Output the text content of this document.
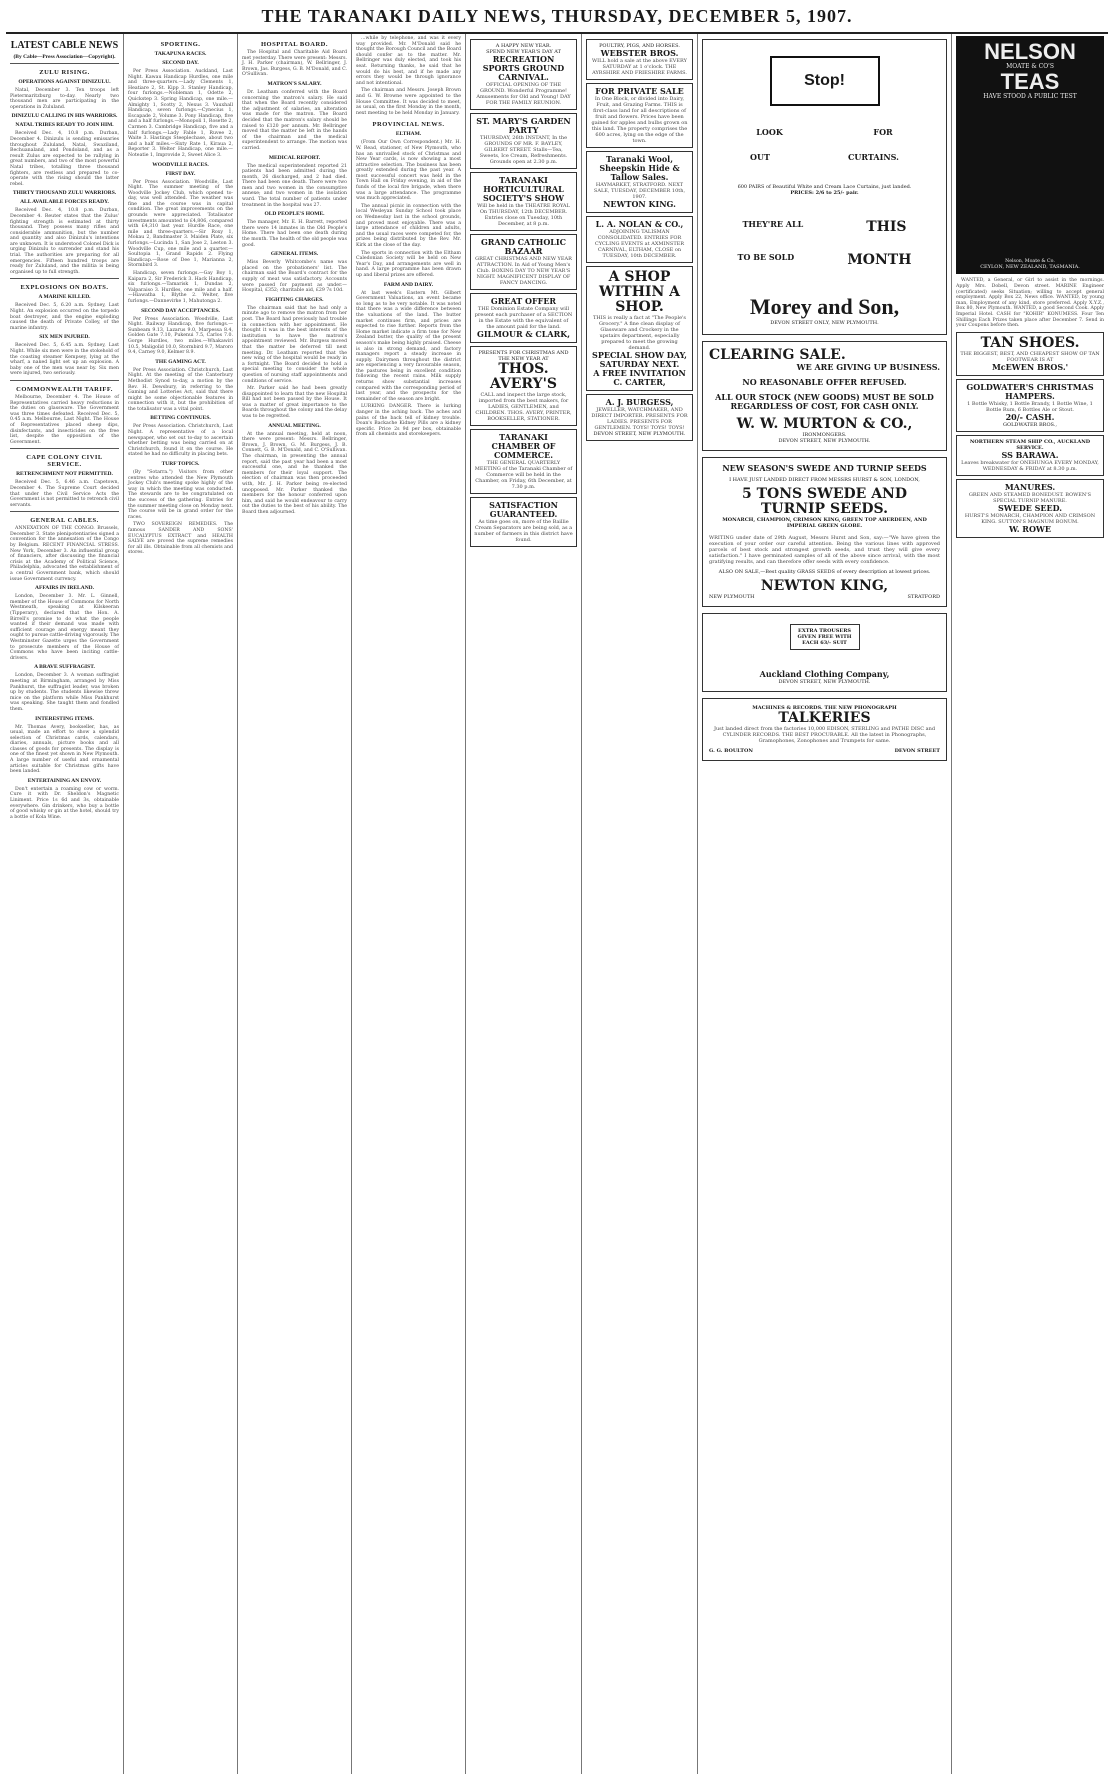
THE TARANAKI DAILY NEWS, THURSDAY, DECEMBER 5, 1907.
LATEST CABLE NEWS
(By Cable—Press Association—Copyright).
ZULU RISING.
OPERATIONS AGAINST DINIZULU.

Natal, December 3. Ten troops left Pietermaritzburg to-day. Nearly two thousand men are participating in the operations in Zululand.

DINIZULU CALLING IN HIS WARRIORS.
NATAL TRIBES READY TO JOIN HIM.

Received Dec. 4, 10.8 p.m. Durban, December 4. Dinizulu is sending emissaries throughout Zululand, Natal, Swaziland, Bechuanaland, and Pondoland, and as a result Zulus are expected to be rallying in great numbers, and two of the most powerful Natal tribes, totalling three thousand fighters, are restless and prepared to co-operate with the rising should the latter rebel.

THIRTY THOUSAND ZULU WARRIORS.
ALL AVAILABLE FORCES READY.

Received Dec. 4, 10.8 p.m. Durban, December 4. Reuter states that the Zulus' fighting strength is estimated at thirty thousand. They possess many rifles and considerable ammunition, but the number and quantity and also Dinizulu's intentions are unknown. It is understood Colonel Dick is urging Dinizulu to surrender and stand his trial. The authorities are preparing for all emergencies. Fifteen hundred troops are ready for Zululand, and the militia is being organised up to full strength.

EXPLOSIONS ON BOATS.
A MARINE KILLED.

Received Dec. 5, 6.20 a.m. Sydney, Last Night. An explosion occurred on the torpedo boat destroyer, and the engine exploding caused the death of Private Colley, of the marine infantry.

SIX MEN INJURED.

Received Dec. 5, 6.45 a.m. Sydney, Last Night. While six men were in the stokehold of the coasting steamer Kempsey, lying at the wharf, a naked light set up an explosion. A baby one of the men was near by. Six men were injured, two seriously.

COMMONWEALTH TARIFF.

Melbourne, December 4. The House of Representatives carried heavy reductions in the duties on glassware. The Government was three times defeated. Received Dec. 5, 0.45 a.m. Melbourne, Last Night. The House of Representatives placed sheep dips, disinfectants, and insecticides on the free list, despite the opposition of the Government.

CAPE COLONY CIVIL SERVICE.
RETRENCHMENT NOT PERMITTED.

Received Dec. 5, 6.46 a.m. Capetown, December 4. The Supreme Court decided that under the Civil Service Acts the Government is not permitted to retrench civil servants.

GENERAL CABLES.

ANNEXATION OF THE CONGO. Brussels, December 3. State plenipotentiaries signed a convention for the annexation of the Congo by Belgium. RECENT FINANCIAL STRESS. New York, December 3. An influential group of financiers, after discussing the financial crisis at the Academy of Political Science, Philadelphia, advocated the establishment of a central Government bank, which should issue Government currency.

AFFAIRS IN IRELAND.

London, December 3. Mr. L. Ginnell, member of the House of Commons for North Westmeath, speaking at Kilskeeran (Tipperary), declared that the Hon. A. Birrell's promise to do what the people wanted if their demand was made with sufficient courage and energy meant they ought to pursue cattle-driving vigorously. The Westminster Gazette urges the Government to prosecute members of the House of Commons who have been inciting cattle-drivers.

A BRAVE SUFFRAGIST.

London, December 3. A woman suffragist meeting at Birmingham, arranged by Miss Pankhurst, the suffragist leader, was broken up by students. The students likewise threw mice on the platform while Miss Pankhurst was speaking. She taught them and fondled them.

INTERESTING ITEMS.

Mr. Thomas Avery, bookseller, has, as usual, made an effort to show a splendid selection of Christmas cards, calendars, diaries, annuals, picture books and all classes of goods for presents. The display is one of the finest yet shown in New Plymouth. A large number of useful and ornamental articles suitable for Christmas gifts have been landed.

ENTERTAINING AN ENVOY.

Don't entertain a roaming cow or worm. Cure it with Dr. Sheldon's Magnetic Liniment. Price 1s 6d and 3s, obtainable everywhere. Gin drinkers, who buy a bottle of good whisky or gin at the hotel, should try a bottle of Kola Wine.

SPORTING.
TAKAPUNA RACES.
SECOND DAY.

Per Press Association. Auckland, Last Night. Kawau Handicap Hurdles, one mile and three-quarters.—Lady Clements 1, Heatiare 2, St. Kipp 3. Stanley Handicap, four furlongs.—Nobleman 1, Odette 2, Quickstep 3. Spring Handicap, one mile.—Almighty 1, Scotty 2, Nexus 3. Vauxhall Handicap, seven furlongs.—Cynecius 1, Escapade 2, Volume 3. Pony Handicap, five and a half furlongs.—Monopoli 1, Rosette 2, Carmen 3. Cambridge Handicap, five and a half furlongs.—Lady Fable 1, Ruvee 2, Waite 3. Hastings Steeplechase, about two and a half miles.—Sixty Rate 1, Kiraua 2, Reporter 3. Welter Handicap, one mile.—Noteatie 1, Improvide 2, Sweet Alice 3.

WOODVILLE RACES.
FIRST DAY.

Per Press Association. Woodville, Last Night. The summer meeting of the Woodville Jockey Club, which opened to-day, was well attended. The weather was fine and the course was in capital condition. The great improvements on the grounds were appreciated. Totalisator investments amounted to £4,806, compared with £4,310 last year. Hurdle Race, one mile and three-quarters.—Sir Roxy 1, Mokau 2, Bandmaster 3. Maiden Plate, six furlongs.—Lucinda 1, San Jose 2, Leeton 3. Woodville Cup, one mile and a quarter.—Soultopia 1, Grand Rapids 2. Flying Handicap.—Rose of Dee 1, Marianna 2, Stormbird 3.

Handicap, seven furlongs.—Gay Boy 1, Kaipara 2, Sir Frederick 3. Hack Handicap, six furlongs.—Tamarisk 1, Dundas 2, Valparaiso 3. Hurdles, one mile and a half.—Hiawatha 1, Blythe 2. Welter, five furlongs.—Dannevirke 1, Mahutonga 2.

SECOND DAY ACCEPTANCES.

Per Press Association. Woodville, Last Night. Railway Handicap, five furlongs.—Sunbeam 9.13, Lazarus 9.0, Marpessa 8.4, Golden Gate 7.10, Pukenui 7.5, Carlos 7.0. Gorge Hurdles, two miles.—Whakawiri 10.5, Maligolid 10.0, Stormbird 9.7, Maroro 9.4, Carney 9.0, Kelmer 8.9.

THE GAMING ACT.

Per Press Association. Christchurch, Last Night. At the meeting of the Canterbury Methodist Synod to-day, a motion by the Rev. H. Dewsbury, in referring to the Gaming and Lotteries Act, said that there might be some objectionable features in connection with it, but the prohibition of the totalisator was a vital point.

BETTING CONTINUES.

Per Press Association. Christchurch, Last Night. A representative of a local newspaper, who set out to-day to ascertain whether betting was being carried on at Christchurch, found it on the course. He stated he had no difficulty in placing bets.

TURF TOPICS.

(By "Sotarra.") Visitors from other centres who attended the New Plymouth Jockey Club's meeting spoke highly of the way in which the meeting was conducted. The stewards are to be congratulated on the success of the gathering. Entries for the summer meeting close on Monday next. The course will be in grand order for the races.

TWO SOVEREIGN REMEDIES. The famous SANDER AND SONS' EUCALYPTUS EXTRACT and HEALTH SALVE are proved the supreme remedies for all ills. Obtainable from all chemists and stores.

HOSPITAL BOARD.

The Hospital and Charitable Aid Board met yesterday. There were present: Messrs. J. H. Parker (chairman), W. Bellringer, J. Brown, Jas. Burgess, G. B. M'Donald, and C. O'Sullivan.

MATRON'S SALARY.

Dr. Leatham conferred with the Board concerning the matron's salary. He said that when the Board recently considered the adjustment of salaries, an alteration was made for the matron. The Board decided that the matron's salary should be raised to £120 per annum. Mr. Bellringer moved that the matter be left in the hands of the chairman and the medical superintendent to arrange. The motion was carried.

MEDICAL REPORT.

The medical superintendent reported 21 patients had been admitted during the month, 26 discharged, and 2 had died. There had been one death. There were two men and two women in the consumptive annexe; and two women in the isolation ward. The total number of patients under treatment in the hospital was 27.

OLD PEOPLE'S HOME.

The manager, Mr. E. H. Barrett, reported there were 14 inmates in the Old People's Home. There had been one death during the month. The health of the old people was good.

GENERAL ITEMS.

Miss Beverly Whitcombe's name was placed on the probationers' list. The chairman said the Board's contract for the supply of meat was satisfactory. Accounts were passed for payment as under.—Hospital, £352; charitable aid, £29 7s 10d.

FIGHTING CHARGES.

The chairman said that he had only a minute ago to remove the matron from her post. The Board had previously had trouble in connection with her appointment. He thought it was in the best interests of the institution to have the matron's appointment reviewed. Mr. Burgess moved that the matter be deferred till next meeting. Dr. Leatham reported that the new wing of the hospital would be ready in a fortnight. The Board decided to hold a special meeting to consider the whole question of nursing staff appointments and conditions of service.

Mr. Parker said he had been greatly disappointed to learn that the new Hospital Bill had not been passed by the House. It was a matter of great importance to the Boards throughout the colony and the delay was to be regretted.

ANNUAL MEETING.

At the annual meeting, held at noon, there were present: Messrs. Bellringer, Brown, J. Brown, G. M. Burgess, J. B. Connett, G. B. M'Donald, and C. O'Sullivan. The chairman, in presenting the annual report, said the past year had been a most successful one, and he thanked the members for their loyal support. The election of chairman was then proceeded with, Mr. J. H. Parker being re-elected unopposed. Mr. Parker thanked the members for the honour conferred upon him, and said he would endeavour to carry out the duties to the best of his ability. The Board then adjourned.

...while by telephone, and was it every way provided. Mr. M'Donald said he thought the Borough Council and the Board should confer as to the matter. Mr. Bellringer was duly elected, and took his seat. Returning thanks, he said that he would do his best, and if he made any errors they would be through ignorance and not intentional.

The chairman and Messrs. Joseph Brown and G. W. Browne were appointed to the House Committee. It was decided to meet, as usual, on the first Monday in the month, next meeting to be held Monday in January.

PROVINCIAL NEWS.
ELTHAM.

(From Our Own Correspondent.) Mr. H. W. Read, stationer, of New Plymouth, who has an unrivalled stock of Christmas and New Year cards, is now showing a most attractive selection. The business has been greatly extended during the past year. A most successful concert was held in the Town Hall on Friday evening, in aid of the funds of the local fire brigade, when there was a large attendance. The programme was much appreciated.

The annual picnic in connection with the local Wesleyan Sunday School took place on Wednesday last in the school grounds, and proved most enjoyable. There was a large attendance of children and adults, and the usual races were competed for, the prizes being distributed by the Rev. Mr. Kirk at the close of the day.

The sports in connection with the Eltham Caledonian Society will be held on New Year's Day, and arrangements are well in hand. A large programme has been drawn up and liberal prizes are offered.

FARM AND DAIRY.

At last week's Eastern Mt. Gilbert Government Valuations, an event became so long as to be very notable. It was noted that there was a wide difference between the valuations of the land. The butter market continues firm, and prices are expected to rise further. Reports from the Home market indicate a firm tone for New Zealand butter, the quality of the present season's make being highly praised. Cheese is also in strong demand, and factory managers report a steady increase in supply. Dairymen throughout the district are experiencing a very favourable season, the pastures being in excellent condition following the recent rains. Milk supply returns show substantial increases compared with the corresponding period of last year, and the prospects for the remainder of the season are bright.

LURKING DANGER. There is lurking danger in the aching back. The aches and pains of the back tell of kidney trouble. Doan's Backache Kidney Pills are a kidney specific. Price 2s 9d per box, obtainable from all chemists and storekeepers.

A HAPPY NEW YEAR.
SPEND NEW YEAR'S DAY AT
RECREATION SPORTS GROUND CARNIVAL.
OFFICIAL OPENING OF THE GROUND. Wonderful Programme! Amusements for Old and Young! DAY FOR THE FAMILY REUNION.
ST. MARY'S GARDEN PARTY
THURSDAY, 26th INSTANT, In the GROUNDS OF MR. F. BAYLEY, GILBERT STREET. Stalls—Tea, Sweets, Ice Cream, Refreshments. Grounds open at 2.30 p.m.
TARANAKI HORTICULTURAL SOCIETY'S SHOW
Will be held in the THEATRE ROYAL On THURSDAY, 12th DECEMBER. Entries close on Tuesday, 10th December, at 8 p.m.
GRAND CATHOLIC BAZAAR
GREAT CHRISTMAS AND NEW YEAR ATTRACTION. In Aid of Young Men's Club. BOXING DAY TO NEW YEAR'S NIGHT. MAGNIFICENT DISPLAY OF FANCY DANCING.
GREAT OFFER
THE Dominion Estate Company will present each purchaser of a SECTION in the Estate with the equivalent of the amount paid for the land.
GILMOUR & CLARK,
PRESENTS FOR CHRISTMAS AND THE NEW YEAR AT
THOS. AVERY'S
CALL and inspect the large stock, imported from the best makers, for LADIES, GENTLEMEN, and CHILDREN. THOS. AVERY, PRINTER, BOOKSELLER, STATIONER.
TARANAKI CHAMBER OF COMMERCE.
THE GENERAL QUARTERLY MEETING of the Taranaki Chamber of Commerce will be held in the Chamber, on Friday, 6th December, at 7.30 p.m.
SATISFACTION GUARANTEED.
As time goes on, more of the Baillie Cream Separators are being sold, as a number of farmers in this district have found.
POULTRY, PIGS, AND HORSES.
WEBSTER BROS.
WILL hold a sale at the above EVERY SATURDAY at 1 o'clock. THE AYRSHIRE AND FRIESHIRE FARMS.
FOR PRIVATE SALE
In One Block, or divided into Dairy, Fruit, and Grazing Farms. THIS is first-class land for all descriptions of fruit and flowers. Prices have been gained for apples and bulbs grown on this land. The property comprises the 600 acres, lying on the edge of the town.
Taranaki Wool, Sheepskin Hide & Tallow Sales.
HAYMARKET, STRATFORD. NEXT SALE, TUESDAY, DECEMBER 10th, 1907.
NEWTON KING.
L. A. NOLAN & CO.,
ADJOINING TALISMAN CONSOLIDATED. ENTRIES FOR CYCLING EVENTS at AXMINSTER CARNIVAL, ELTHAM, CLOSE on TUESDAY, 10th DECEMBER.
A SHOP WITHIN A SHOP.
THIS is really a fact at "The People's Grocery." A fine clean display of Glassware and Crockery in the upstairs department, especially prepared to meet the growing demand.
SPECIAL SHOW DAY, SATURDAY NEXT.
A FREE INVITATION
C. CARTER,
A. J. BURGESS,
JEWELLER, WATCHMAKER, AND DIRECT IMPORTER. PRESENTS FOR LADIES. PRESENTS FOR GENTLEMEN. TOYS! TOYS! TOYS!
DEVON STREET, NEW PLYMOUTH.
Stop!
LOOK	FOR
OUT	CURTAINS.
600 PAIRS of Beautiful White and Cream Lace Curtains, just landed.
PRICES: 2/6 to 25/- pair.
THEY'RE ALL	THIS
TO BE SOLD	MONTH
Morey and Son,
DEVON STREET ONLY, NEW PLYMOUTH.
CLEARING SALE.
WE ARE GIVING UP BUSINESS.
NO REASONABLE OFFER REFUSED.
ALL OUR STOCK (NEW GOODS) MUST BE SOLD REGARDLESS OF COST, FOR CASH ONLY.
W. W. MURTON & CO.,
IRONMONGERS.
DEVON STREET, NEW PLYMOUTH.
NEW SEASON'S SWEDE AND TURNIP SEEDS
I HAVE JUST LANDED DIRECT FROM MESSRS HURST & SON, LONDON,
5 TONS SWEDE AND TURNIP SEEDS.
MONARCH, CHAMPION, CRIMSON KING, GREEN TOP ABERDEEN, AND IMPERIAL GREEN GLOBE.
WRITING under date of 29th August, Messrs Hurst and Son, say:—"We have given the execution of your order our careful attention. Being the various lines with approved parcels of best stock and strongest growth seeds, and trust they will give every satisfaction." I have germinated samples of all of the above since arrival, with the most gratifying results, and can therefore offer seeds with every confidence.
ALSO ON SALE,—Best quality GRASS SEEDS of every description at lowest prices.
NEWTON KING,
NEW PLYMOUTH	STRATFORD
EXTRA TROUSERS GIVEN FREE WITH EACH 63/- SUIT
Auckland Clothing Company,
DEVON STREET, NEW PLYMOUTH.
MACHINES & RECORDS. THE NEW PHONOGRAPH
TALKERIES
Just landed direct from the factories 10,000 EDISON, STERLING and PATHE DISC and CYLINDER RECORDS. THE BEST PROCURABLE. All the latest in Phonographs, Gramophones, Zonophones and Trumpets for same.
G. G. BOULTON	DEVON STREET
NELSON
MOATE & CO'S
TEAS
HAVE STOOD A PUBLIC TEST
Nelson, Moate & Co.
CEYLON, NEW ZEALAND, TASMANIA.

WANTED, a General, or Girl to assist in the mornings. Apply Mrs. Dobell, Devon street. MARINE Engineer (certificated) seeks Situation; willing to accept general employment. Apply Box 22, News office. WANTED, by young man, Employment of any kind, store preferred. Apply X.Y.Z., Box 80, New Plymouth. WANTED, a good Second Cook. Apply Imperial Hotel. CASH for "KOHIR" KONUMESS. Four Ten Shillings Each Prizes taken place after December 7. Send in your Coupons before then.

TAN SHOES.
THE BIGGEST, BEST, AND CHEAPEST SHOW OF TAN FOOTWEAR IS AT
McEWEN BROS.'
GOLDWATER'S CHRISTMAS HAMPERS.
1 Bottle Whisky, 1 Bottle Brandy, 1 Bottle Wine, 1 Bottle Rum, 6 Bottles Ale or Stout.
20/- CASH.
GOLDWATER BROS.,
NORTHERN STEAM SHIP CO., AUCKLAND SERVICE.
SS BARAWA.
Leaves breakwater for ONEHUNGA EVERY MONDAY, WEDNESDAY & FRIDAY at 8.30 p.m.
MANURES.
GREEN AND STEAMED BONEDUST. BOWEN'S SPECIAL TURNIP MANURE.
SWEDE SEED.
HURST'S MONARCH, CHAMPION AND CRIMSON KING. SUTTON'S MAGNUM BONUM.
W. ROWE
